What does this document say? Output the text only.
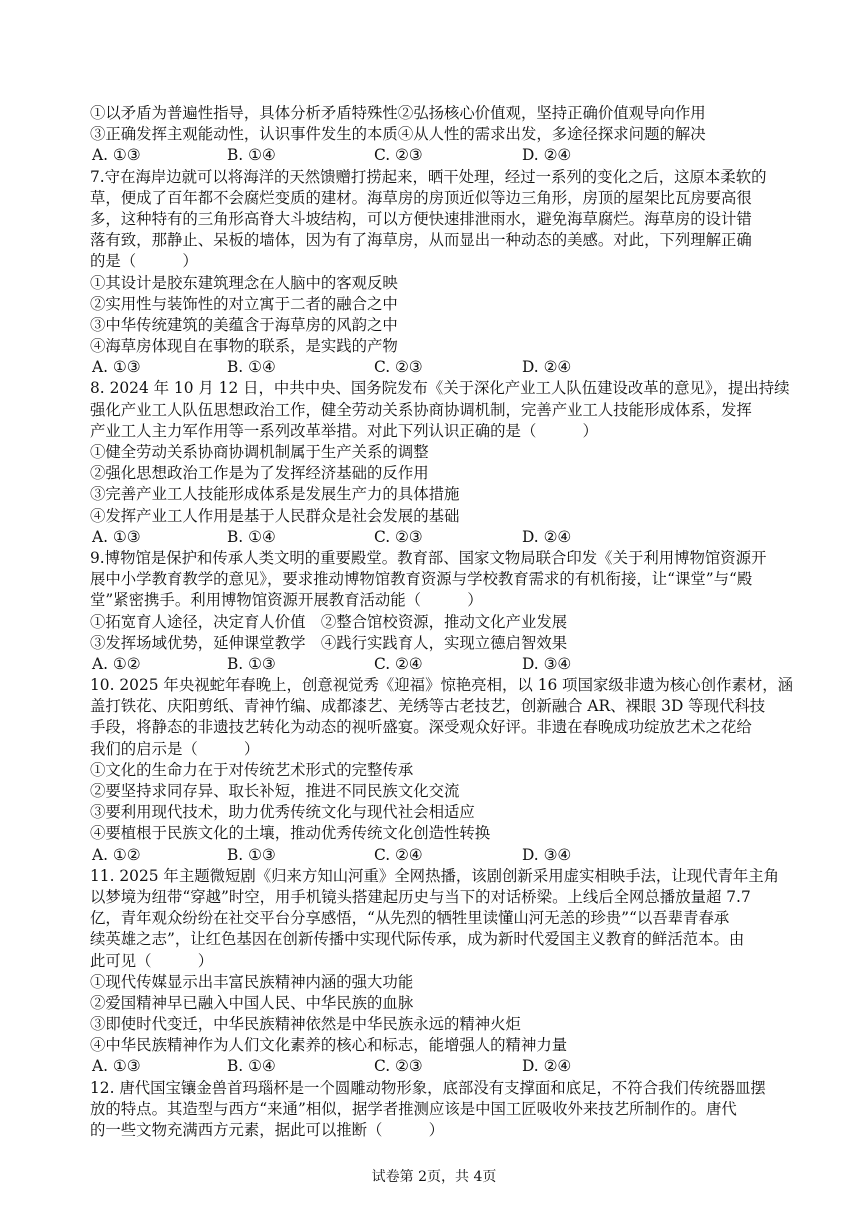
①以矛盾为普遍性指导，具体分析矛盾特殊性②弘扬核心价值观，坚持正确价值观导向作用
③正确发挥主观能动性，认识事件发生的本质④从人性的需求出发，多途径探求问题的解决
A. ①③	B. ①④	C. ②③	D. ②④
7.守在海岸边就可以将海洋的天然馈赠打捞起来，晒干处理，经过一系列的变化之后，这原本柔软的
草，便成了百年都不会腐烂变质的建材。海草房的房顶近似等边三角形，房顶的屋架比瓦房要高很
多，这种特有的三角形高脊大斗坡结构，可以方便快速排泄雨水，避免海草腐烂。海草房的设计错
落有致，那静止、呆板的墙体，因为有了海草房，从而显出一种动态的美感。对此，下列理解正确
的是（　　　）
①其设计是胶东建筑理念在人脑中的客观反映
②实用性与装饰性的对立寓于二者的融合之中
③中华传统建筑的美蕴含于海草房的风韵之中
④海草房体现自在事物的联系，是实践的产物
A. ①③	B. ①④	C. ②③	D. ②④
8. 2024 年 10 月 12 日，中共中央、国务院发布《关于深化产业工人队伍建设改革的意见》，提出持续
强化产业工人队伍思想政治工作，健全劳动关系协商协调机制，完善产业工人技能形成体系，发挥
产业工人主力军作用等一系列改革举措。对此下列认识正确的是（　　　）
①健全劳动关系协商协调机制属于生产关系的调整
②强化思想政治工作是为了发挥经济基础的反作用
③完善产业工人技能形成体系是发展生产力的具体措施
④发挥产业工人作用是基于人民群众是社会发展的基础
A. ①③	B. ①④	C. ②③	D. ②④
9.博物馆是保护和传承人类文明的重要殿堂。教育部、国家文物局联合印发《关于利用博物馆资源开
展中小学教育教学的意见》，要求推动博物馆教育资源与学校教育需求的有机衔接，让“课堂”与“殿
堂”紧密携手。利用博物馆资源开展教育活动能（　　　）
①拓宽育人途径，决定育人价值　②整合馆校资源，推动文化产业发展
③发挥场域优势，延伸课堂教学　④践行实践育人，实现立德启智效果
A. ①②	B. ①③	C. ②④	D. ③④
10. 2025 年央视蛇年春晚上，创意视觉秀《迎福》惊艳亮相，以 16 项国家级非遗为核心创作素材，涵
盖打铁花、庆阳剪纸、青神竹编、成都漆艺、羌绣等古老技艺，创新融合 AR、裸眼 3D 等现代科技
手段，将静态的非遗技艺转化为动态的视听盛宴。深受观众好评。非遗在春晚成功绽放艺术之花给
我们的启示是（　　　）
①文化的生命力在于对传统艺术形式的完整传承
②要坚持求同存异、取长补短，推进不同民族文化交流
③要利用现代技术，助力优秀传统文化与现代社会相适应
④要植根于民族文化的土壤，推动优秀传统文化创造性转换
A. ①②	B. ①③	C. ②④	D. ③④
11. 2025 年主题微短剧《归来方知山河重》全网热播，该剧创新采用虚实相映手法，让现代青年主角
以梦境为纽带“穿越”时空，用手机镜头搭建起历史与当下的对话桥梁。上线后全网总播放量超 7.7
亿，青年观众纷纷在社交平台分享感悟，“从先烈的牺牲里读懂山河无恙的珍贵”“以吾辈青春承
续英雄之志”，让红色基因在创新传播中实现代际传承，成为新时代爱国主义教育的鲜活范本。由
此可见（　　　）
①现代传媒显示出丰富民族精神内涵的强大功能
②爱国精神早已融入中国人民、中华民族的血脉
③即使时代变迁，中华民族精神依然是中华民族永远的精神火炬
④中华民族精神作为人们文化素养的核心和标志，能增强人的精神力量
A. ①③	B. ①④	C. ②③	D. ②④
12. 唐代国宝镶金兽首玛瑙杯是一个圆雕动物形象，底部没有支撑面和底足，不符合我们传统器皿摆
放的特点。其造型与西方“来通”相似，据学者推测应该是中国工匠吸收外来技艺所制作的。唐代
的一些文物充满西方元素，据此可以推断（　　　）
试卷第 2页，共 4页
